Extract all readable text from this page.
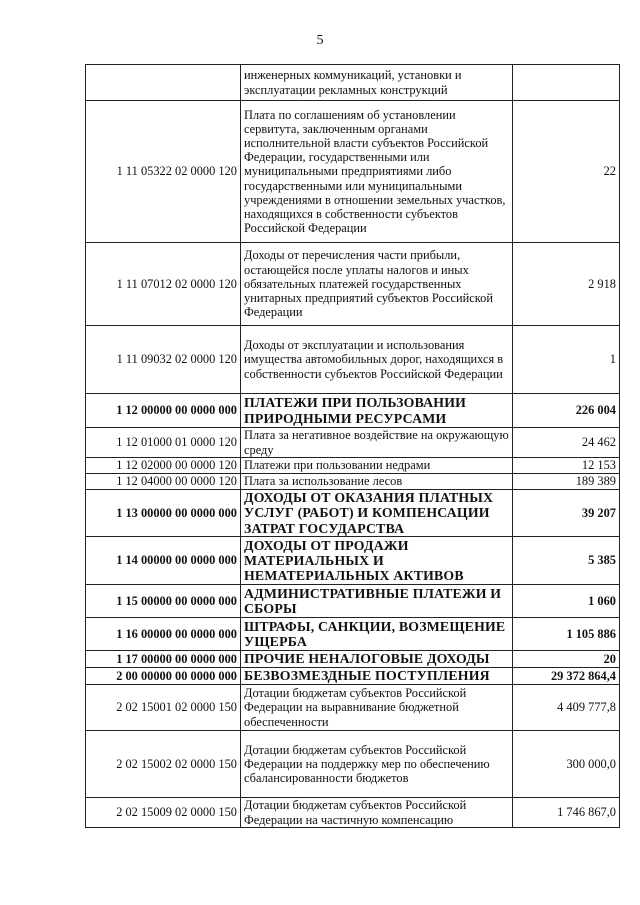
5
	инженерных коммуникаций, установки и эксплуатации рекламных конструкций	
1 11 05322 02 0000 120	Плата по соглашениям об установлении сервитута, заключенным органами исполнительной власти субъектов Российской Федерации, государственными или муниципальными предприятиями либо государственными или муниципальными учреждениями в отношении земельных участков, находящихся в собственности субъектов Российской Федерации	22
1 11 07012 02 0000 120	Доходы от перечисления части прибыли, остающейся после уплаты налогов и иных обязательных платежей государственных унитарных предприятий субъектов Российской Федерации	2 918
1 11 09032 02 0000 120	Доходы от эксплуатации и использования имущества автомобильных дорог, находящихся в собственности субъектов Российской Федерации	1
1 12 00000 00 0000 000	ПЛАТЕЖИ ПРИ ПОЛЬЗОВАНИИ ПРИРОДНЫМИ РЕСУРСАМИ	226 004
1 12 01000 01 0000 120	Плата за негативное воздействие на окружающую среду	24 462
1 12 02000 00 0000 120	Платежи при пользовании недрами	12 153
1 12 04000 00 0000 120	Плата за использование лесов	189 389
1 13 00000 00 0000 000	ДОХОДЫ ОТ ОКАЗАНИЯ ПЛАТНЫХ УСЛУГ (РАБОТ) И КОМПЕНСАЦИИ ЗАТРАТ ГОСУДАРСТВА	39 207
1 14 00000 00 0000 000	ДОХОДЫ ОТ ПРОДАЖИ МАТЕРИАЛЬНЫХ И НЕМАТЕРИАЛЬНЫХ АКТИВОВ	5 385
1 15 00000 00 0000 000	АДМИНИСТРАТИВНЫЕ ПЛАТЕЖИ И СБОРЫ	1 060
1 16 00000 00 0000 000	ШТРАФЫ, САНКЦИИ, ВОЗМЕЩЕНИЕ УЩЕРБА	1 105 886
1 17 00000 00 0000 000	ПРОЧИЕ НЕНАЛОГОВЫЕ ДОХОДЫ	20
2 00 00000 00 0000 000	БЕЗВОЗМЕЗДНЫЕ ПОСТУПЛЕНИЯ	29 372 864,4
2 02 15001 02 0000 150	Дотации бюджетам субъектов Российской Федерации на выравнивание бюджетной обеспеченности	4 409 777,8
2 02 15002 02 0000 150	Дотации бюджетам субъектов Российской Федерации на поддержку мер по обеспечению сбалансированности бюджетов	300 000,0
2 02 15009 02 0000 150	Дотации бюджетам субъектов Российской Федерации на частичную компенсацию	1 746 867,0
